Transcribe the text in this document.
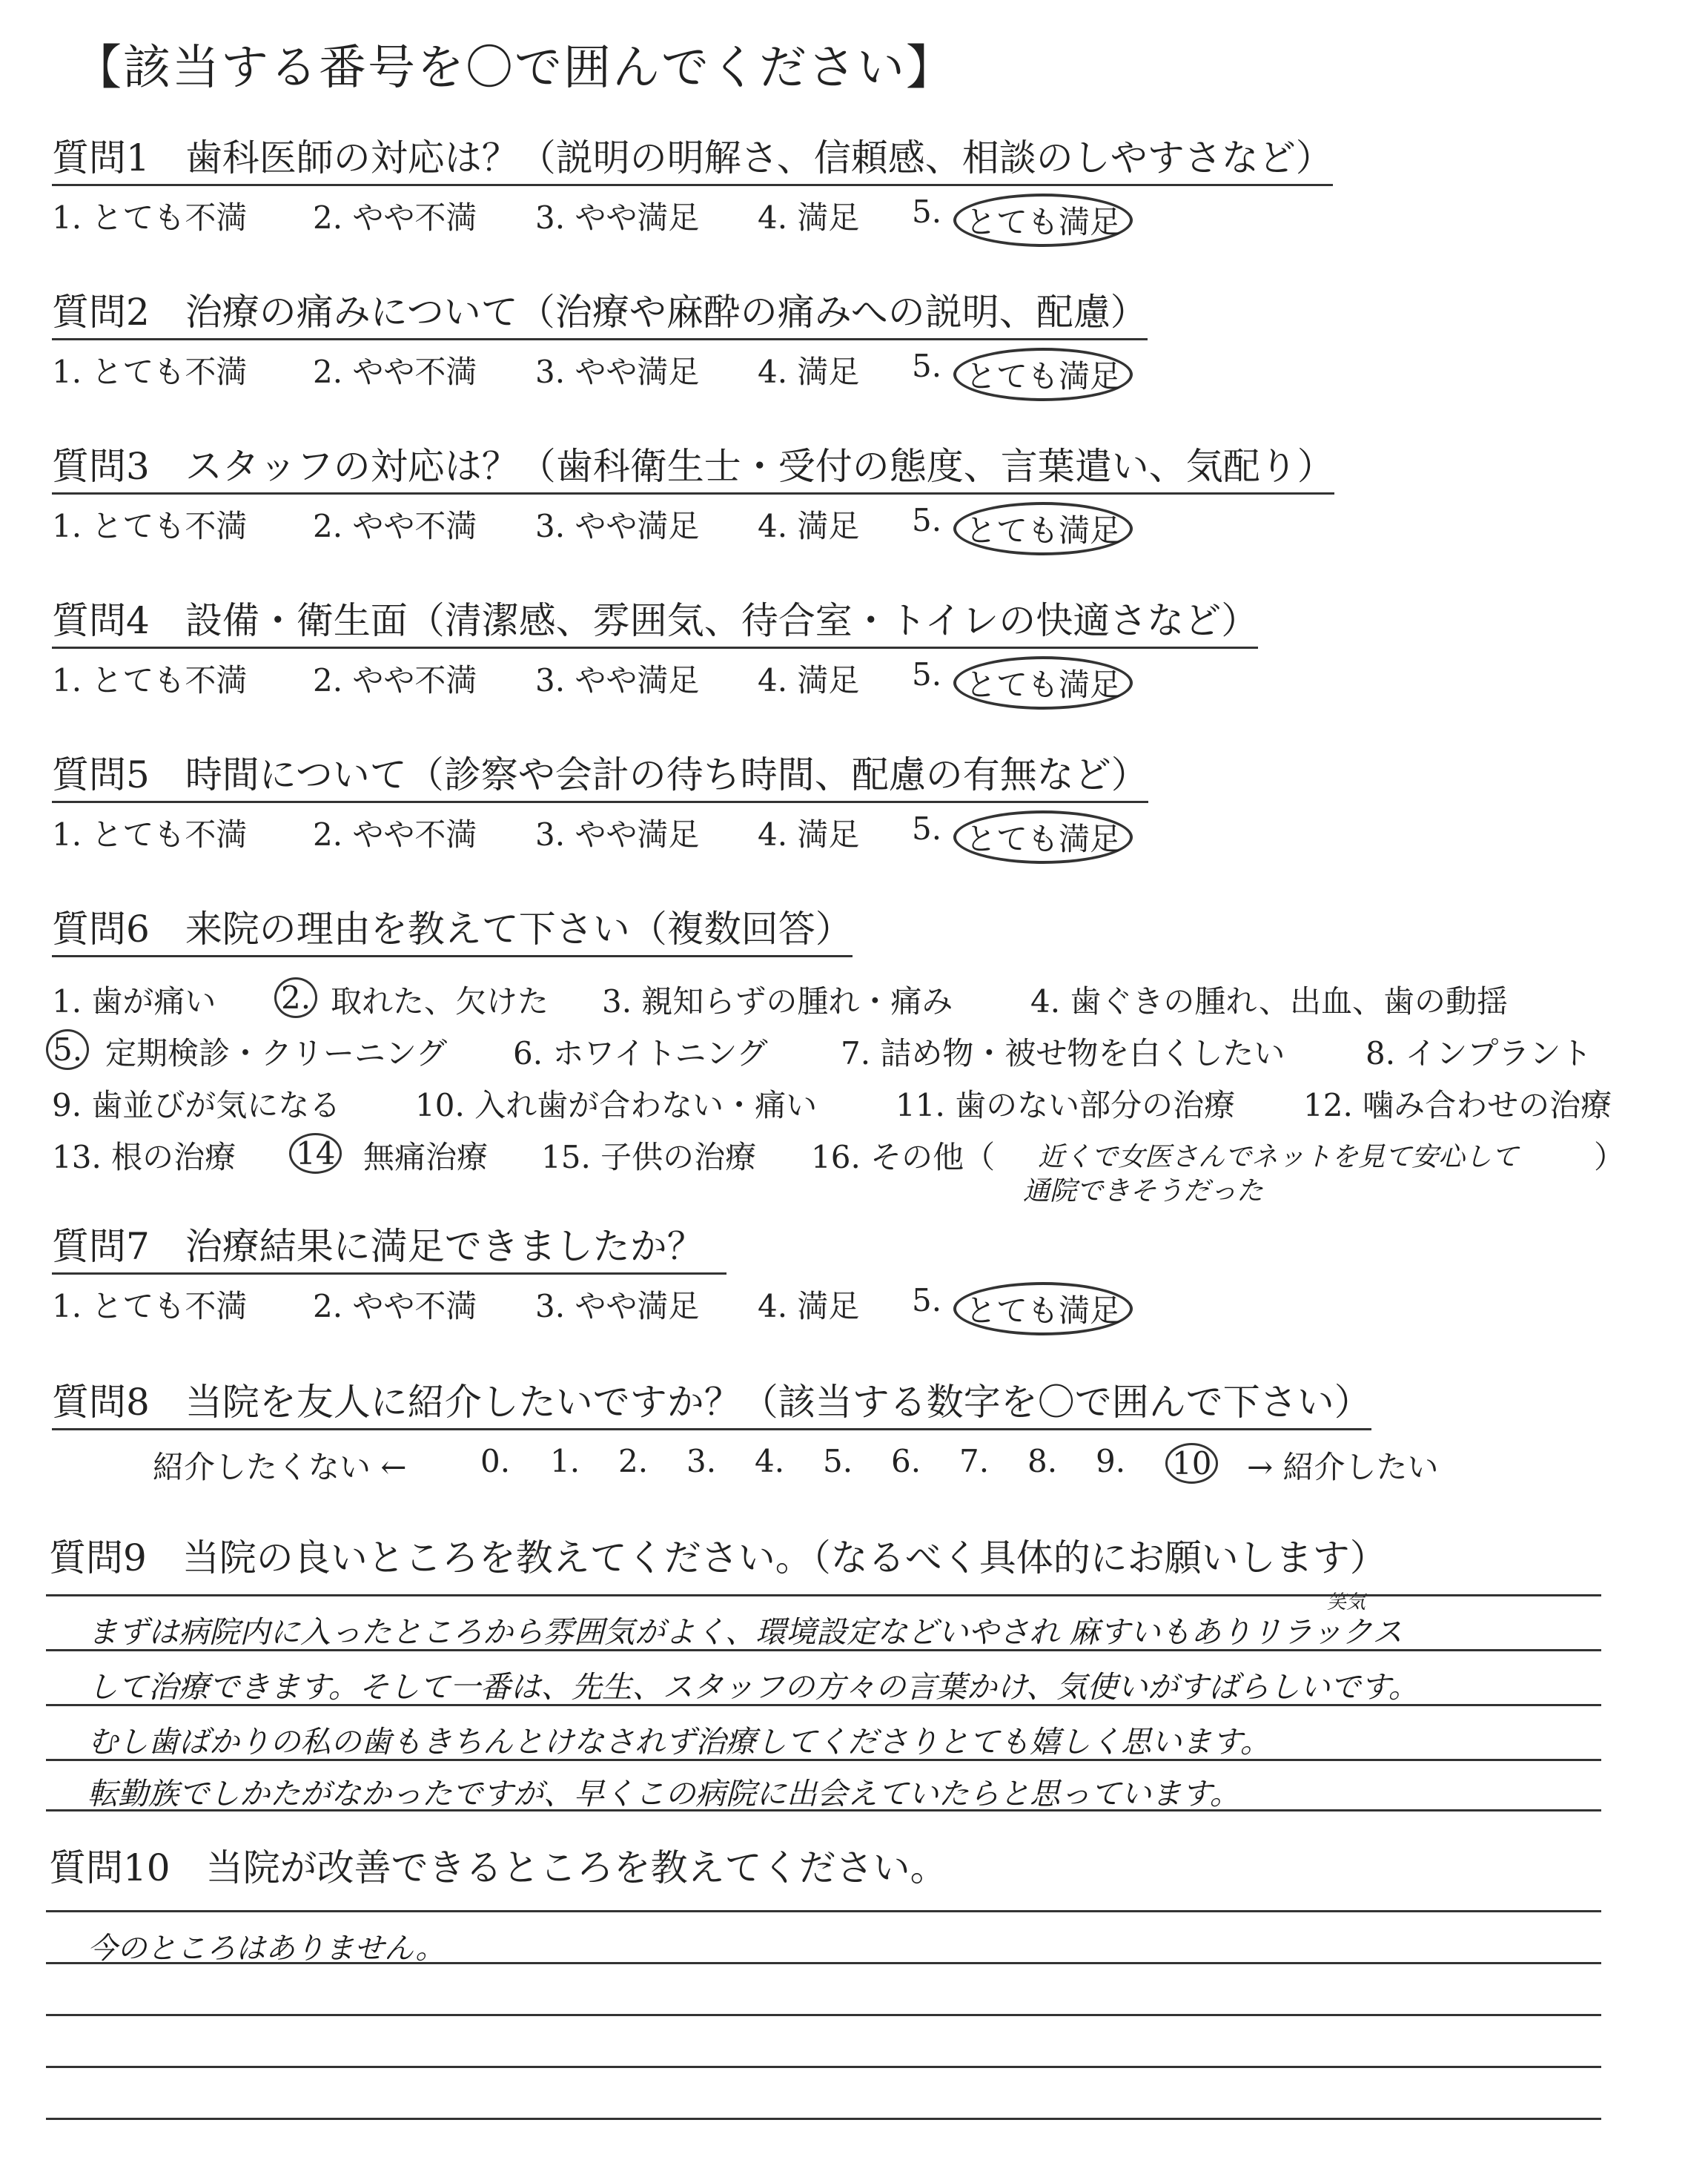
【該当する番号を〇で囲んでください】
質問1 歯科医師の対応は？（説明の明解さ、信頼感、相談のしやすさなど）
1. とても不満 2. やや不満 3. やや満足 4. 満足 5. とても満足
質問2 治療の痛みについて（治療や麻酔の痛みへの説明、配慮）
1. とても不満 2. やや不満 3. やや満足 4. 満足 5. とても満足
質問3 スタッフの対応は？（歯科衛生士・受付の態度、言葉遣い、気配り）
1. とても不満 2. やや不満 3. やや満足 4. 満足 5. とても満足
質問4 設備・衛生面（清潔感、雰囲気、待合室・トイレの快適さなど）
1. とても不満 2. やや不満 3. やや満足 4. 満足 5. とても満足
質問5 時間について（診察や会計の待ち時間、配慮の有無など）
1. とても不満 2. やや不満 3. やや満足 4. 満足 5. とても満足
質問6 来院の理由を教えて下さい（複数回答）
1. 歯が痛い 2. 取れた、欠けた 3. 親知らずの腫れ・痛み 4. 歯ぐきの腫れ、出血、歯の動揺
5. 定期検診・クリーニング 6. ホワイトニング 7. 詰め物・被せ物を白くしたい	8. インプラント
9. 歯並びが気になる 10. 入れ歯が合わない・痛い	11. 歯のない部分の治療 12. 噛み合わせの治療
13. 根の治療 14 無痛治療 15. 子供の治療 16. その他（ 近くで女医さんでネットを見て安心して ）
通院できそうだった
質問7 治療結果に満足できましたか？
1. とても不満 2. やや不満 3. やや満足 4. 満足 5. とても満足
質問8 当院を友人に紹介したいですか？（該当する数字を〇で囲んで下さい）
紹介したくない ← 0. 1. 2. 3. 4. 5. 6. 7. 8. 9. 10 → 紹介したい
質問9 当院の良いところを教えてください。（なるべく具体的にお願いします）
笑気
まずは病院内に入ったところから雰囲気がよく、環境設定などいやされ 麻すいもありリラックス
して治療できます。そして一番は、先生、スタッフの方々の言葉かけ、気使いがすばらしいです。
むし歯ばかりの私の歯もきちんとけなされず治療してくださりとても嬉しく思います。
転勤族でしかたがなかったですが、早くこの病院に出会えていたらと思っています。
質問10 当院が改善できるところを教えてください。
今のところはありません。
